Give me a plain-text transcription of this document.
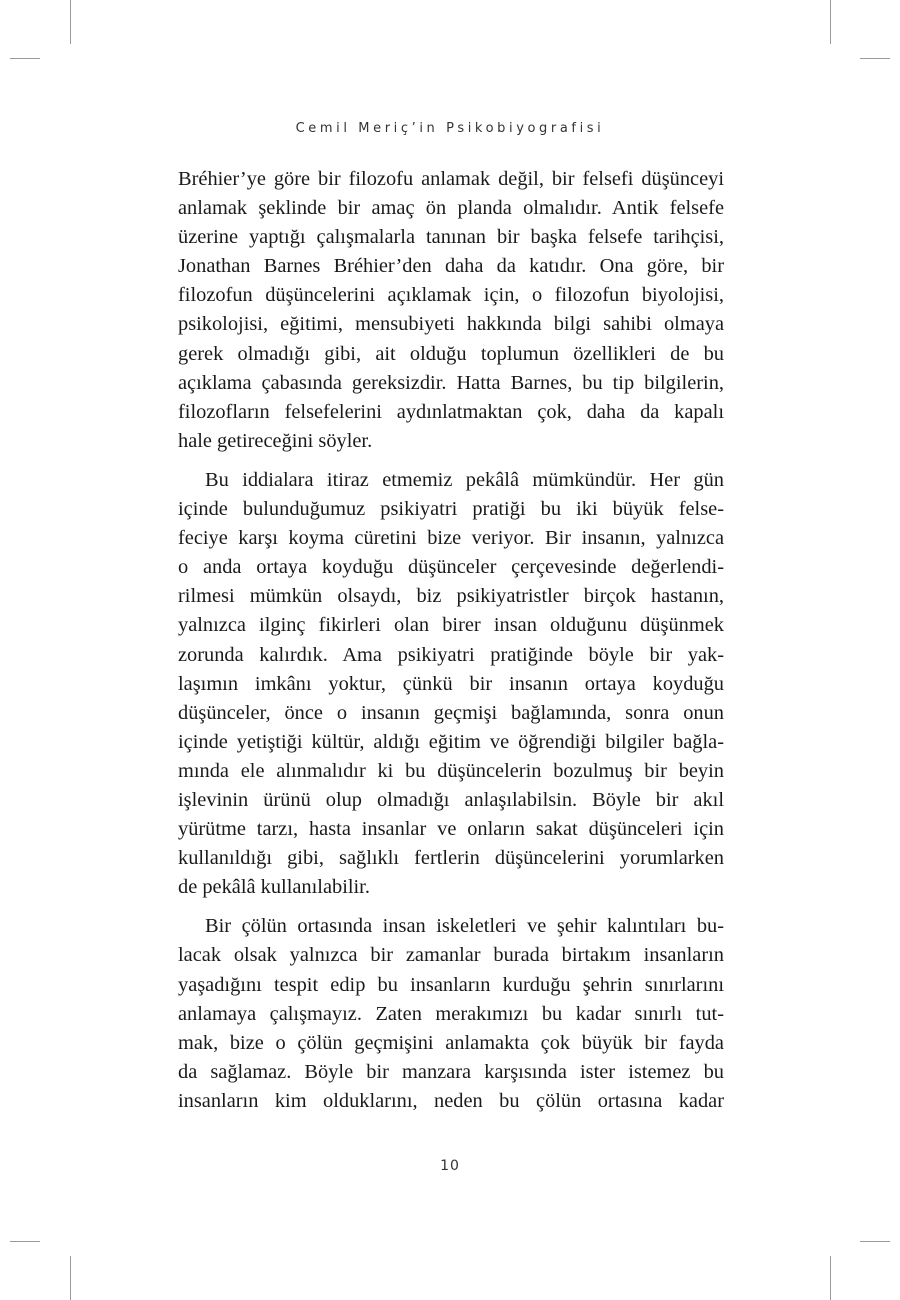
Cemil Meriç’in Psikobiyografisi

Bréhier’ye göre bir filozofu anlamak değil, bir felsefi düşünceyi
anlamak şeklinde bir amaç ön planda olmalıdır. Antik felsefe
üzerine yaptığı çalışmalarla tanınan bir başka felsefe tarihçisi,
Jonathan Barnes Bréhier’den daha da katıdır. Ona göre, bir
filozofun düşüncelerini açıklamak için, o filozofun biyolojisi,
psikolojisi, eğitimi, mensubiyeti hakkında bilgi sahibi olmaya
gerek olmadığı gibi, ait olduğu toplumun özellikleri de bu
açıklama çabasında gereksizdir. Hatta Barnes, bu tip bilgilerin,
filozofların felsefelerini aydınlatmaktan çok, daha da kapalı
hale getireceğini söyler.

Bu iddialara itiraz etmemiz pekâlâ mümkündür. Her gün
içinde bulunduğumuz psikiyatri pratiği bu iki büyük felse-
feciye karşı koyma cüretini bize veriyor. Bir insanın, yalnızca
o anda ortaya koyduğu düşünceler çerçevesinde değerlendi-
rilmesi mümkün olsaydı, biz psikiyatristler birçok hastanın,
yalnızca ilginç fikirleri olan birer insan olduğunu düşünmek
zorunda kalırdık. Ama psikiyatri pratiğinde böyle bir yak-
laşımın imkânı yoktur, çünkü bir insanın ortaya koyduğu
düşünceler, önce o insanın geçmişi bağlamında, sonra onun
içinde yetiştiği kültür, aldığı eğitim ve öğrendiği bilgiler bağla-
mında ele alınmalıdır ki bu düşüncelerin bozulmuş bir beyin
işlevinin ürünü olup olmadığı anlaşılabilsin. Böyle bir akıl
yürütme tarzı, hasta insanlar ve onların sakat düşünceleri için
kullanıldığı gibi, sağlıklı fertlerin düşüncelerini yorumlarken
de pekâlâ kullanılabilir.

Bir çölün ortasında insan iskeletleri ve şehir kalıntıları bu-
lacak olsak yalnızca bir zamanlar burada birtakım insanların
yaşadığını tespit edip bu insanların kurduğu şehrin sınırlarını
anlamaya çalışmayız. Zaten merakımızı bu kadar sınırlı tut-
mak, bize o çölün geçmişini anlamakta çok büyük bir fayda
da sağlamaz. Böyle bir manzara karşısında ister istemez bu
insanların kim olduklarını, neden bu çölün ortasına kadar

10
